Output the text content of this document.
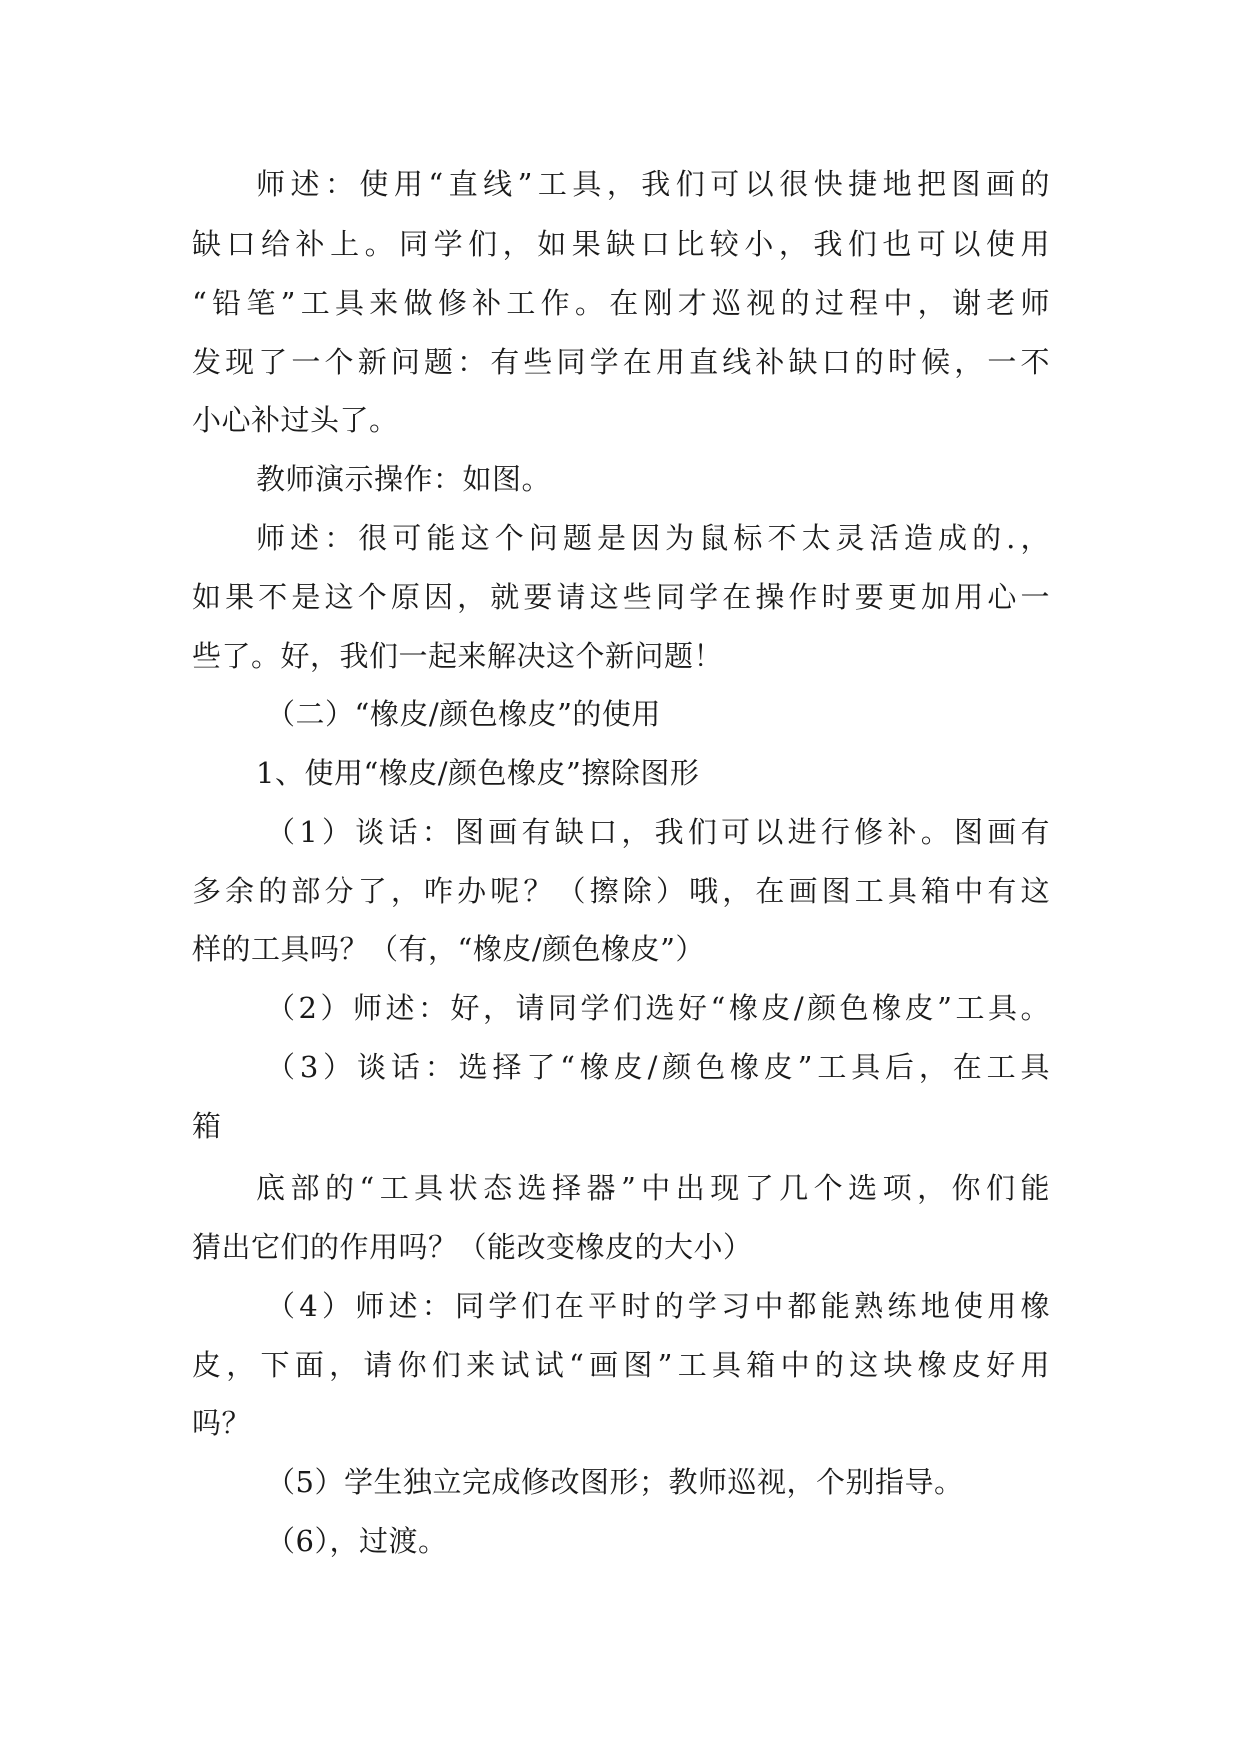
师述：使用“直线”工具，我们可以很快捷地把图画的

缺口给补上。同学们，如果缺口比较小，我们也可以使用

“铅笔”工具来做修补工作。在刚才巡视的过程中，谢老师

发现了一个新问题：有些同学在用直线补缺口的时候，一不

小心补过头了。

教师演示操作：如图。

师述：很可能这个问题是因为鼠标不太灵活造成的.，

如果不是这个原因，就要请这些同学在操作时要更加用心一

些了。好，我们一起来解决这个新问题！

（二）“橡皮/颜色橡皮”的使用

1、使用“橡皮/颜色橡皮”擦除图形

（1）谈话：图画有缺口，我们可以进行修补。图画有

多余的部分了，咋办呢？（擦除）哦，在画图工具箱中有这

样的工具吗？（有，“橡皮/颜色橡皮”）

（2）师述：好，请同学们选好“橡皮/颜色橡皮”工具。

（3）谈话：选择了“橡皮/颜色橡皮”工具后，在工具

箱

底部的“工具状态选择器”中出现了几个选项，你们能

猜出它们的作用吗？（能改变橡皮的大小）

（4）师述：同学们在平时的学习中都能熟练地使用橡

皮，下面，请你们来试试“画图”工具箱中的这块橡皮好用

吗？

（5）学生独立完成修改图形；教师巡视，个别指导。

（6），过渡。
